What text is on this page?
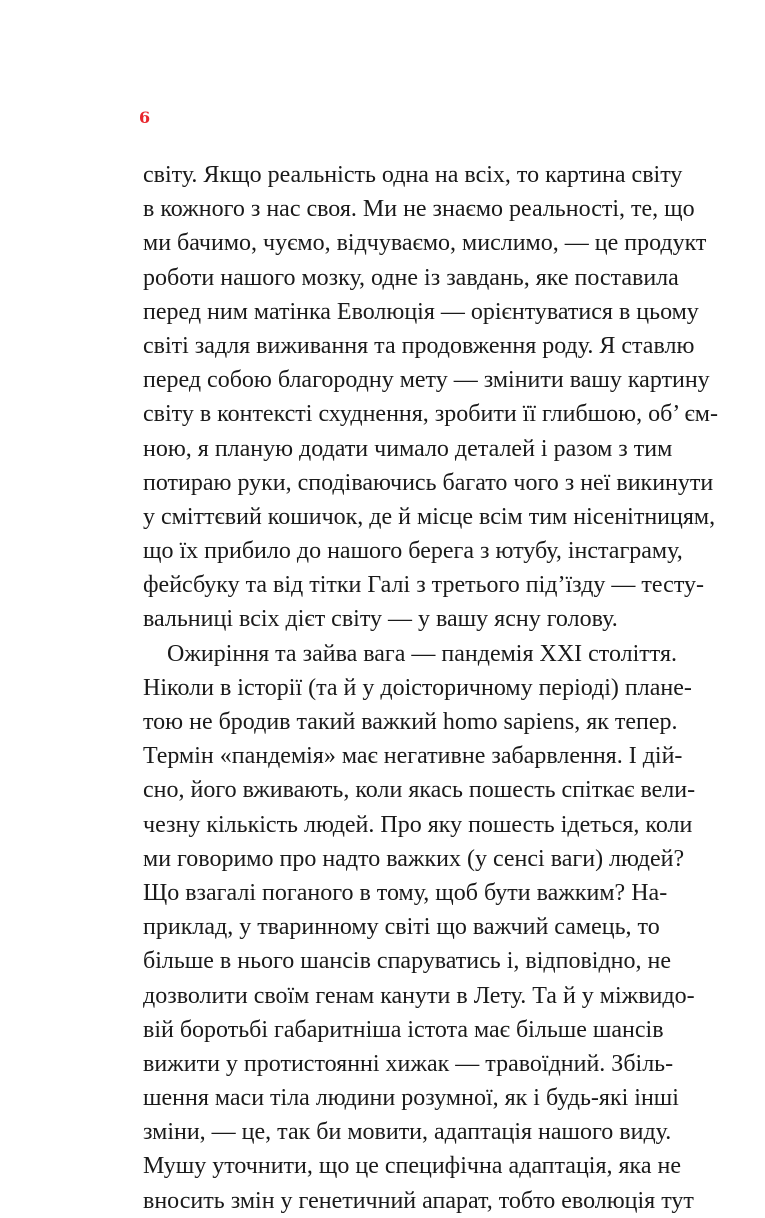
6
світу. Якщо реальність одна на всіх, то картина світу
в кожного з нас своя. Ми не знаємо реальності, те, що
ми бачимо, чуємо, відчуваємо, мислимо, — це продукт
роботи нашого мозку, одне із завдань, яке поставила
перед ним матінка Еволюція — орієнтуватися в цьому
світі задля виживання та продовження роду. Я ставлю
перед собою благородну мету — змінити вашу картину
світу в контексті схуднення, зробити її глибшою, об’ єм-
ною, я планую додати чимало деталей і разом з тим
потираю руки, сподіваючись багато чого з неї викинути
у сміттєвий кошичок, де й місце всім тим нісенітницям,
що їх прибило до нашого берега з ютубу, інстаграму,
фейсбуку та від тітки Галі з третього під’їзду — тесту-
вальниці всіх дієт світу — у вашу ясну голову.
Ожиріння та зайва вага — пандемія XXI століття.
Ніколи в історії (та й у доісторичному періоді) плане-
тою не бродив такий важкий homo sapiens, як тепер.
Термін «пандемія» має негативне забарвлення. І дій-
сно, його вживають, коли якась пошесть спіткає вели-
чезну кількість людей. Про яку пошесть ідеться, коли
ми говоримо про надто важких (у сенсі ваги) людей?
Що взагалі поганого в тому, щоб бути важким? На-
приклад, у тваринному світі що важчий самець, то
більше в нього шансів спаруватись і, відповідно, не
дозволити своїм генам канути в Лету. Та й у міжвидо-
вій боротьбі габаритніша істота має більше шансів
вижити у протистоянні хижак — травоїдний. Збіль-
шення маси тіла людини розумної, як і будь-які інші
зміни, — це, так би мовити, адаптація нашого виду.
Мушу уточнити, що це специфічна адаптація, яка не
вносить змін у генетичний апарат, тобто еволюція тут
